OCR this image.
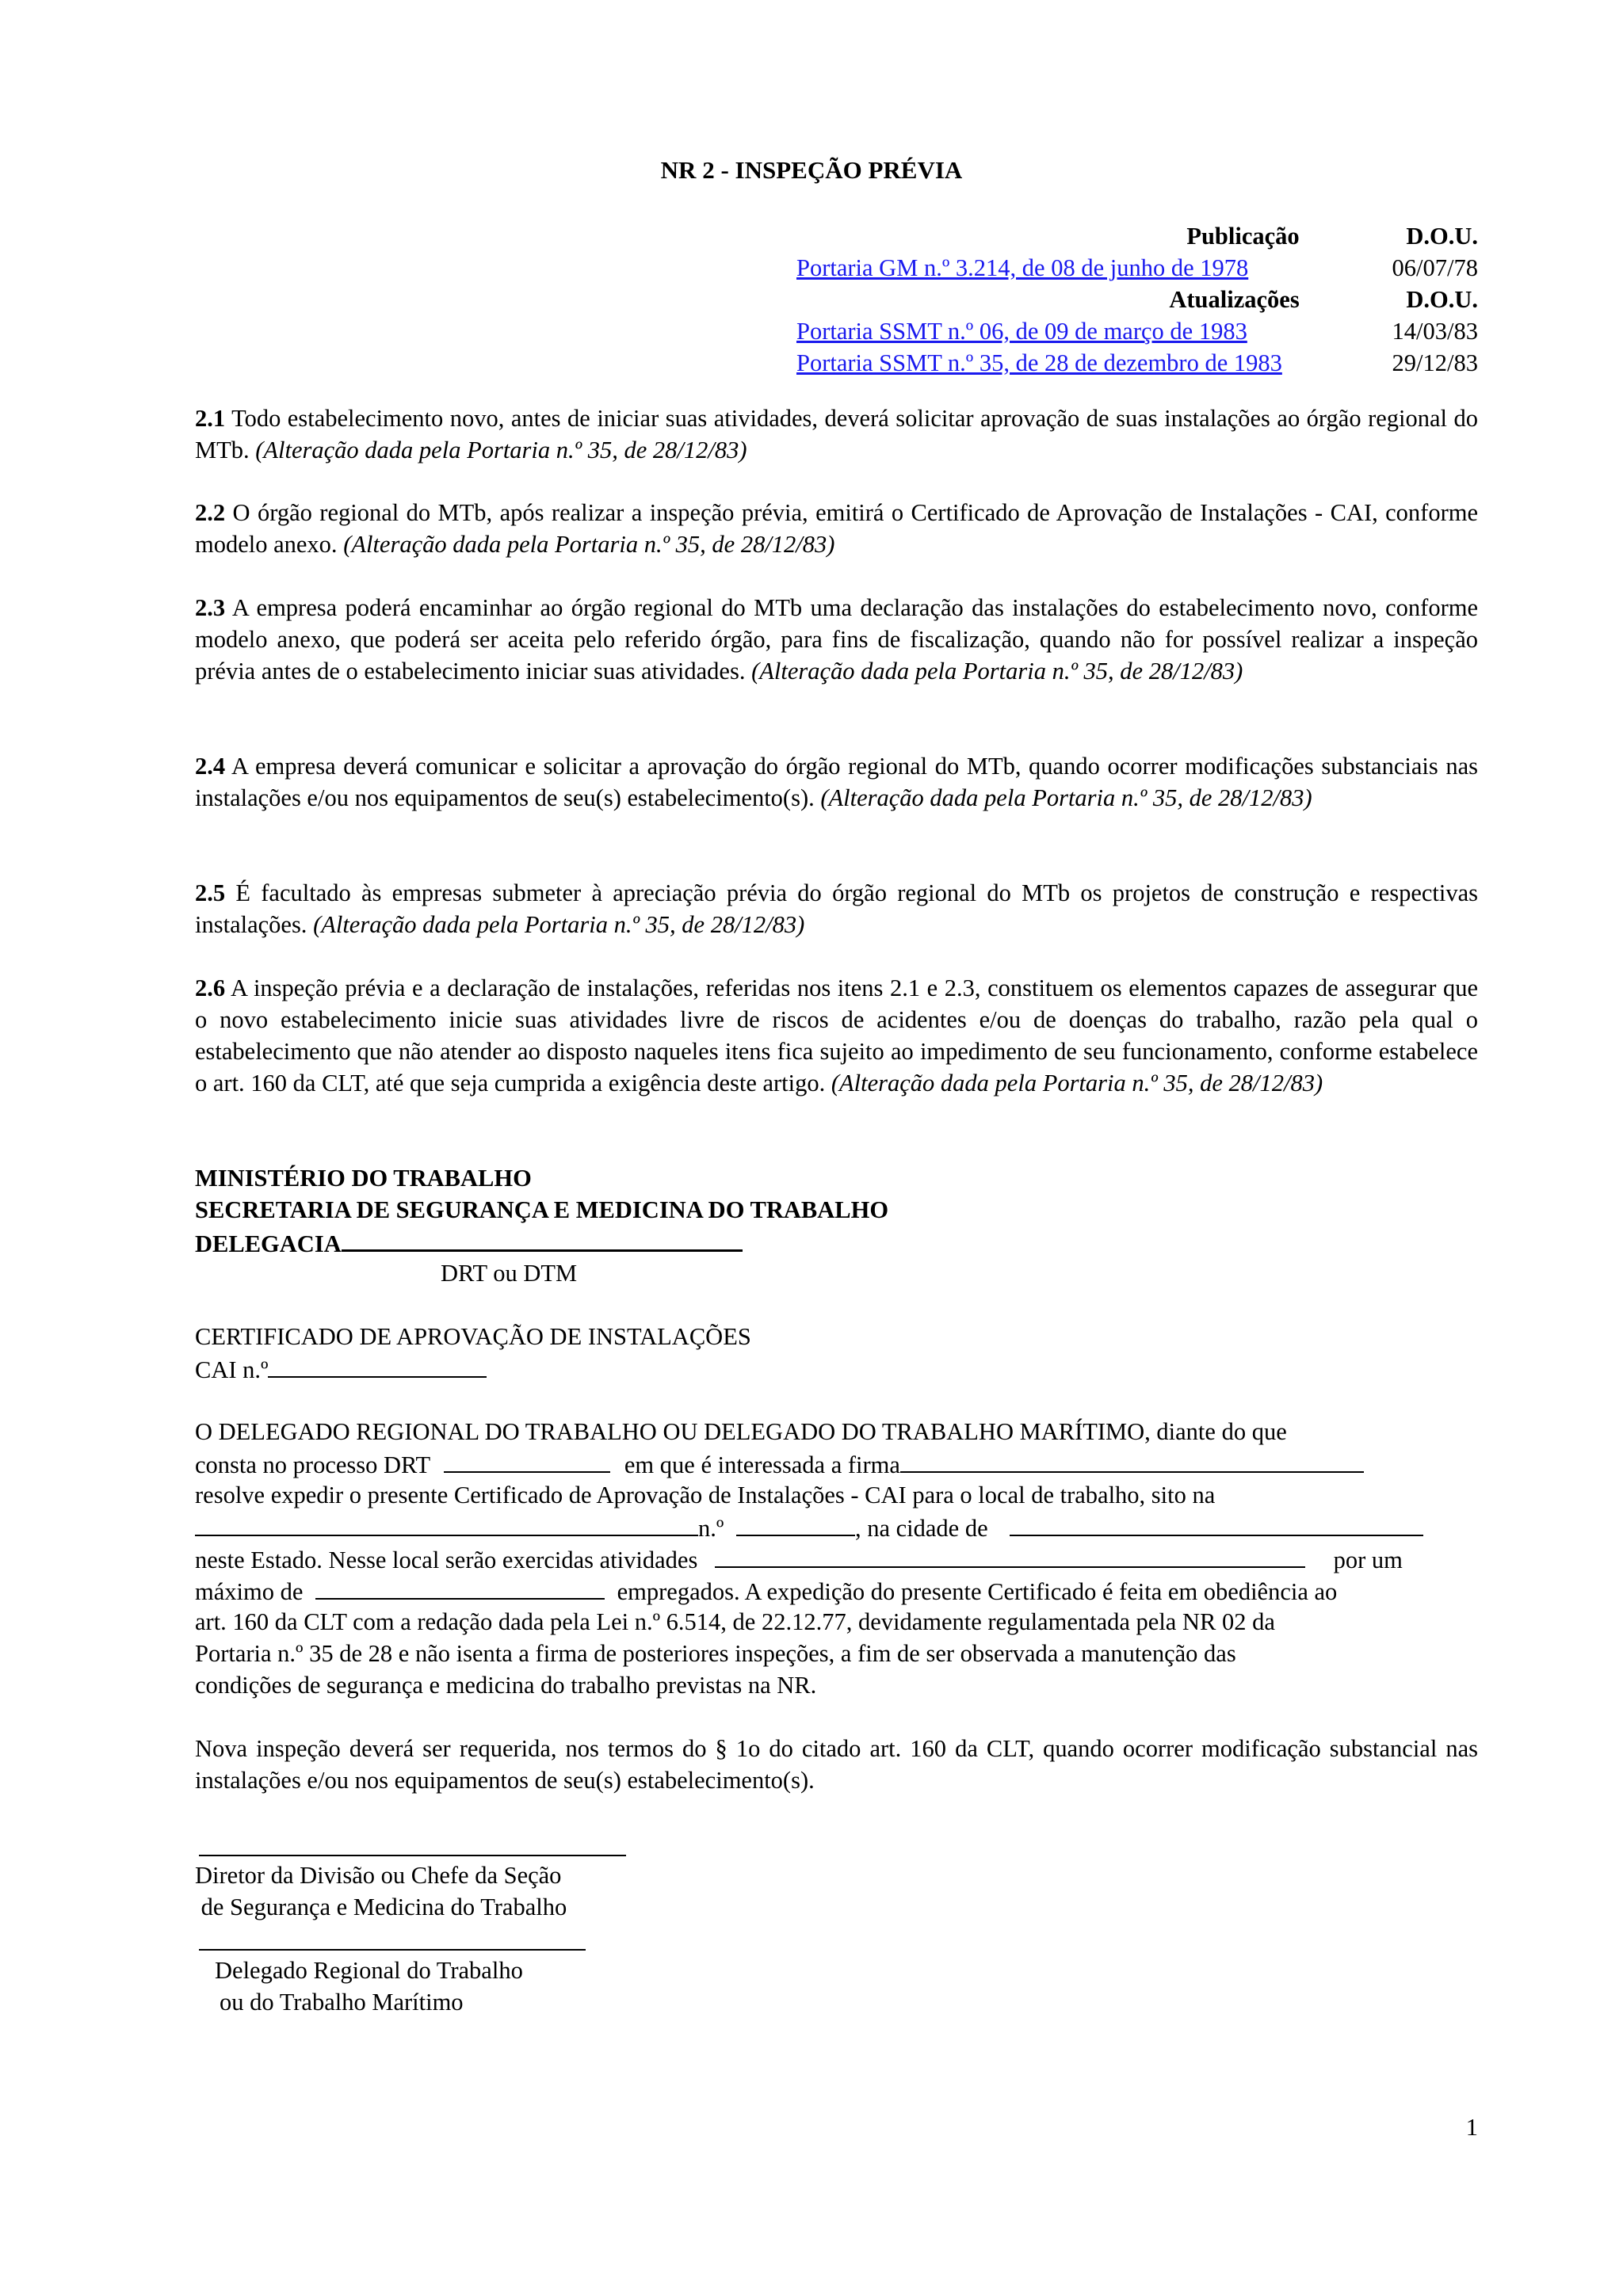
NR 2 - INSPEÇÃO PRÉVIA
Publicação	D.O.U.
Portaria GM n.º 3.214, de 08 de junho de 1978	06/07/78
Atualizações	D.O.U.
Portaria SSMT n.º 06, de 09 de março de 1983	14/03/83
Portaria SSMT n.º 35, de 28 de dezembro de 1983	29/12/83

2.1 Todo estabelecimento novo, antes de iniciar suas atividades, deverá solicitar aprovação de suas instalações ao órgão regional do MTb. (Alteração dada pela Portaria n.º 35, de 28/12/83)

2.2 O órgão regional do MTb, após realizar a inspeção prévia, emitirá o Certificado de Aprovação de Instalações - CAI, conforme modelo anexo. (Alteração dada pela Portaria n.º 35, de 28/12/83)

2.3 A empresa poderá encaminhar ao órgão regional do MTb uma declaração das instalações do estabelecimento novo, conforme modelo anexo, que poderá ser aceita pelo referido órgão, para fins de fiscalização, quando não for possível realizar a inspeção prévia antes de o estabelecimento iniciar suas atividades. (Alteração dada pela Portaria n.º 35, de 28/12/83)

2.4 A empresa deverá comunicar e solicitar a aprovação do órgão regional do MTb, quando ocorrer modificações substanciais nas instalações e/ou nos equipamentos de seu(s) estabelecimento(s). (Alteração dada pela Portaria n.º 35, de 28/12/83)

2.5 É facultado às empresas submeter à apreciação prévia do órgão regional do MTb os projetos de construção e respectivas instalações. (Alteração dada pela Portaria n.º 35, de 28/12/83)

2.6 A inspeção prévia e a declaração de instalações, referidas nos itens 2.1 e 2.3, constituem os elementos capazes de assegurar que o novo estabelecimento inicie suas atividades livre de riscos de acidentes e/ou de doenças do trabalho, razão pela qual o estabelecimento que não atender ao disposto naqueles itens fica sujeito ao impedimento de seu funcionamento, conforme estabelece o art. 160 da CLT, até que seja cumprida a exigência deste artigo. (Alteração dada pela Portaria n.º 35, de 28/12/83)

MINISTÉRIO DO TRABALHO
SECRETARIA DE SEGURANÇA E MEDICINA DO TRABALHO
DELEGACIA
DRT ou DTM
CERTIFICADO DE APROVAÇÃO DE INSTALAÇÕES
CAI n.º
O DELEGADO REGIONAL DO TRABALHO OU DELEGADO DO TRABALHO MARÍTIMO, diante do que
consta no processo DRT	em que é interessada a firma
resolve expedir o presente Certificado de Aprovação de Instalações - CAI para o local de trabalho, sito na
n.º	, na cidade de
neste Estado. Nesse local serão exercidas atividades	por um
máximo de	empregados. A expedição do presente Certificado é feita em obediência ao
art. 160 da CLT com a redação dada pela Lei n.º 6.514, de 22.12.77, devidamente regulamentada pela NR 02 da
Portaria n.º 35 de 28 e não isenta a firma de posteriores inspeções, a fim de ser observada a manutenção das
condições de segurança e medicina do trabalho previstas na NR.

Nova inspeção deverá ser requerida, nos termos do § 1o do citado art. 160 da CLT, quando ocorrer modificação substancial nas instalações e/ou nos equipamentos de seu(s) estabelecimento(s).

Diretor da Divisão ou Chefe da Seção
de Segurança e Medicina do Trabalho
Delegado Regional do Trabalho
ou do Trabalho Marítimo
1
